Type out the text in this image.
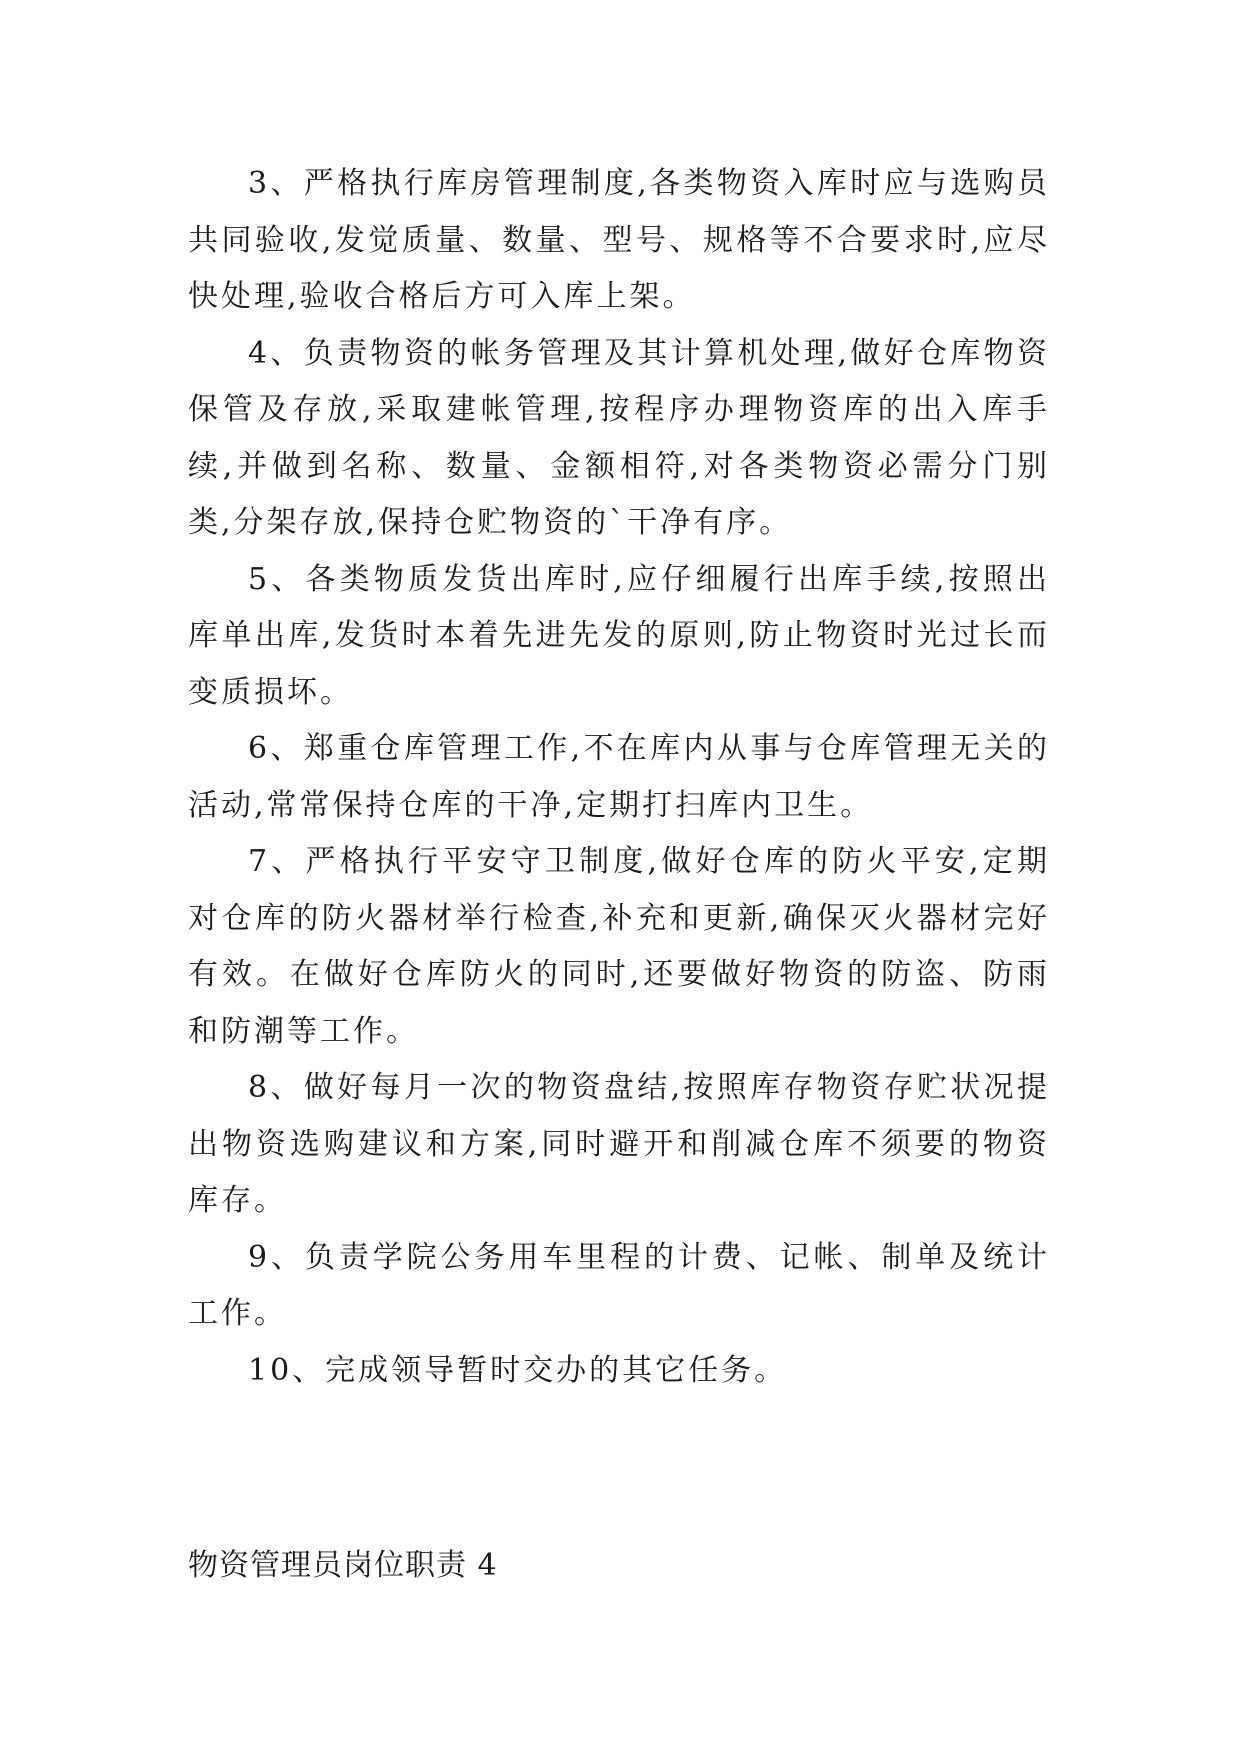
3、严格执行库房管理制度,各类物资入库时应与选购员共同验收,发觉质量、数量、型号、规格等不合要求时,应尽快处理,验收合格后方可入库上架。

4、负责物资的帐务管理及其计算机处理,做好仓库物资保管及存放,采取建帐管理,按程序办理物资库的出入库手续,并做到名称、数量、金额相符,对各类物资必需分门别类,分架存放,保持仓贮物资的`干净有序。

5、各类物质发货出库时,应仔细履行出库手续,按照出库单出库,发货时本着先进先发的原则,防止物资时光过长而变质损坏。

6、郑重仓库管理工作,不在库内从事与仓库管理无关的活动,常常保持仓库的干净,定期打扫库内卫生。

7、严格执行平安守卫制度,做好仓库的防火平安,定期对仓库的防火器材举行检查,补充和更新,确保灭火器材完好有效。在做好仓库防火的同时,还要做好物资的防盗、防雨和防潮等工作。

8、做好每月一次的物资盘结,按照库存物资存贮状况提出物资选购建议和方案,同时避开和削减仓库不须要的物资库存。

9、负责学院公务用车里程的计费、记帐、制单及统计工作。

10、完成领导暂时交办的其它任务。

物资管理员岗位职责 4
